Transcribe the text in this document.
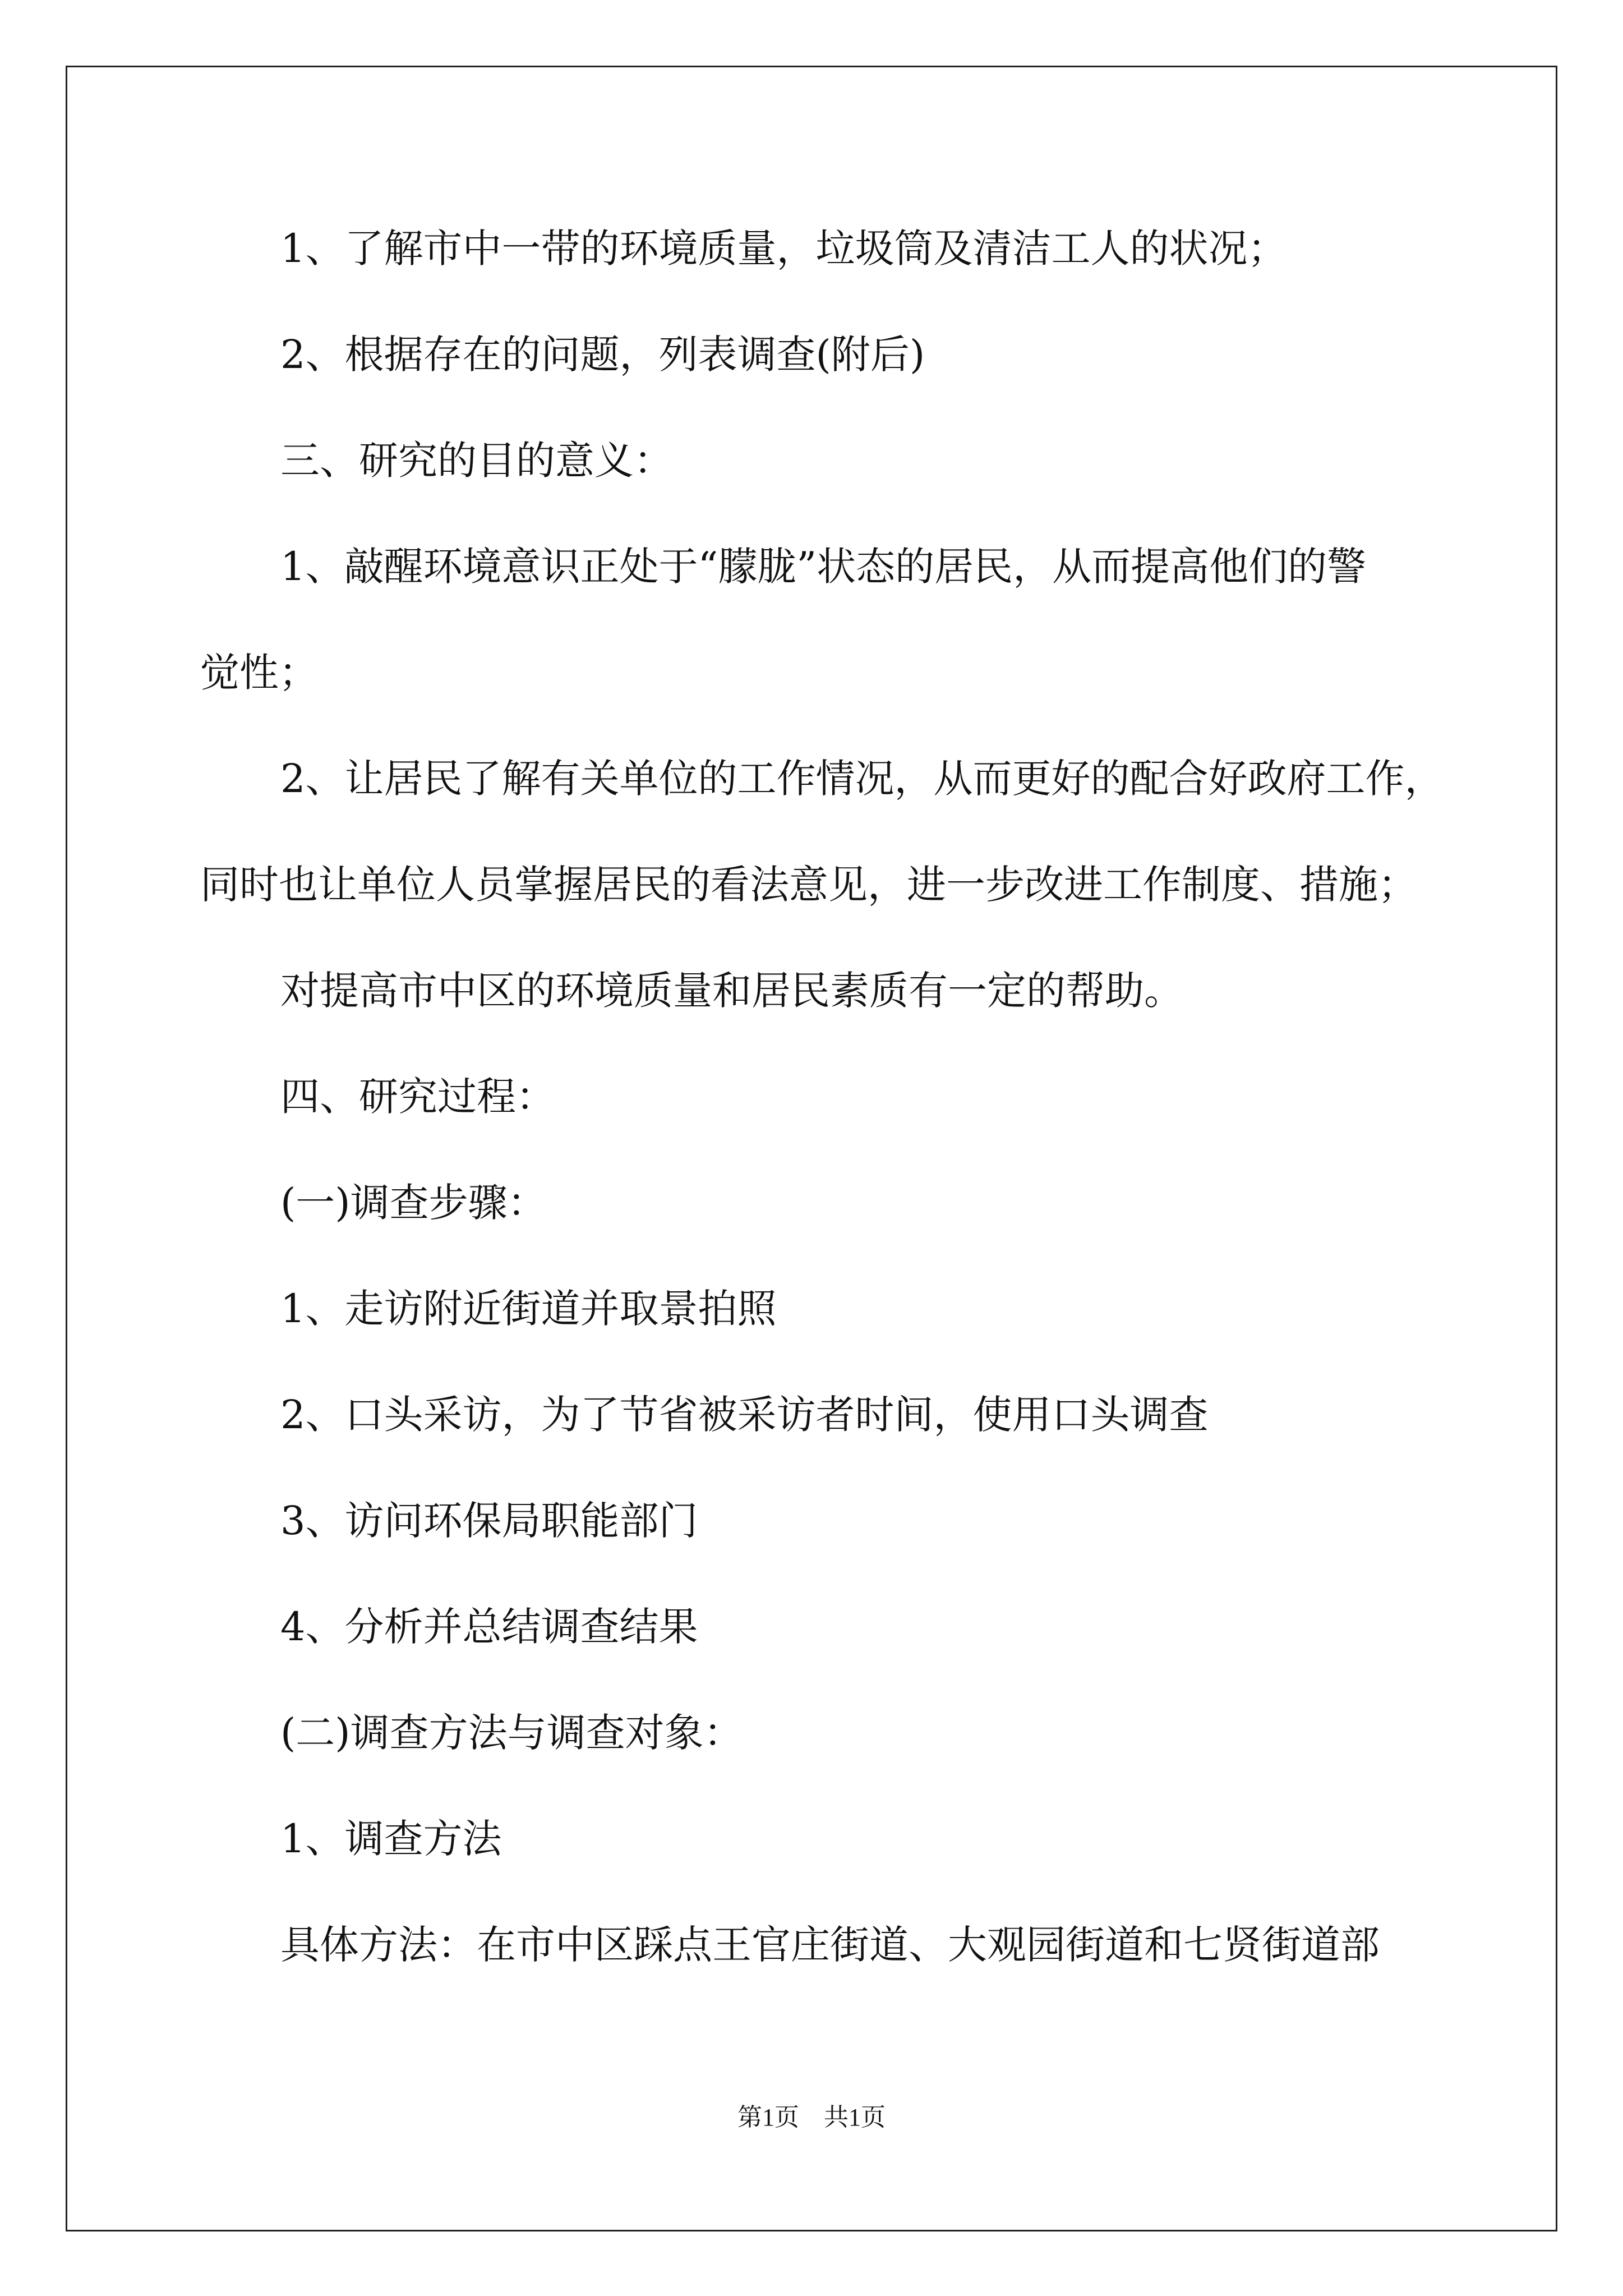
1、了解市中一带的环境质量，垃圾筒及清洁工人的状况；

2、根据存在的问题，列表调查(附后)

三、研究的目的意义：

1、敲醒环境意识正处于“朦胧”状态的居民，从而提高他们的警

觉性；

2、让居民了解有关单位的工作情况，从而更好的配合好政府工作，

同时也让单位人员掌握居民的看法意见，进一步改进工作制度、措施；

对提高市中区的环境质量和居民素质有一定的帮助。

四、研究过程：

(一)调查步骤：

1、走访附近街道并取景拍照

2、口头采访，为了节省被采访者时间，使用口头调查

3、访问环保局职能部门

4、分析并总结调查结果

(二)调查方法与调查对象：

1、调查方法

具体方法：在市中区踩点王官庄街道、大观园街道和七贤街道部

第1页　共1页
